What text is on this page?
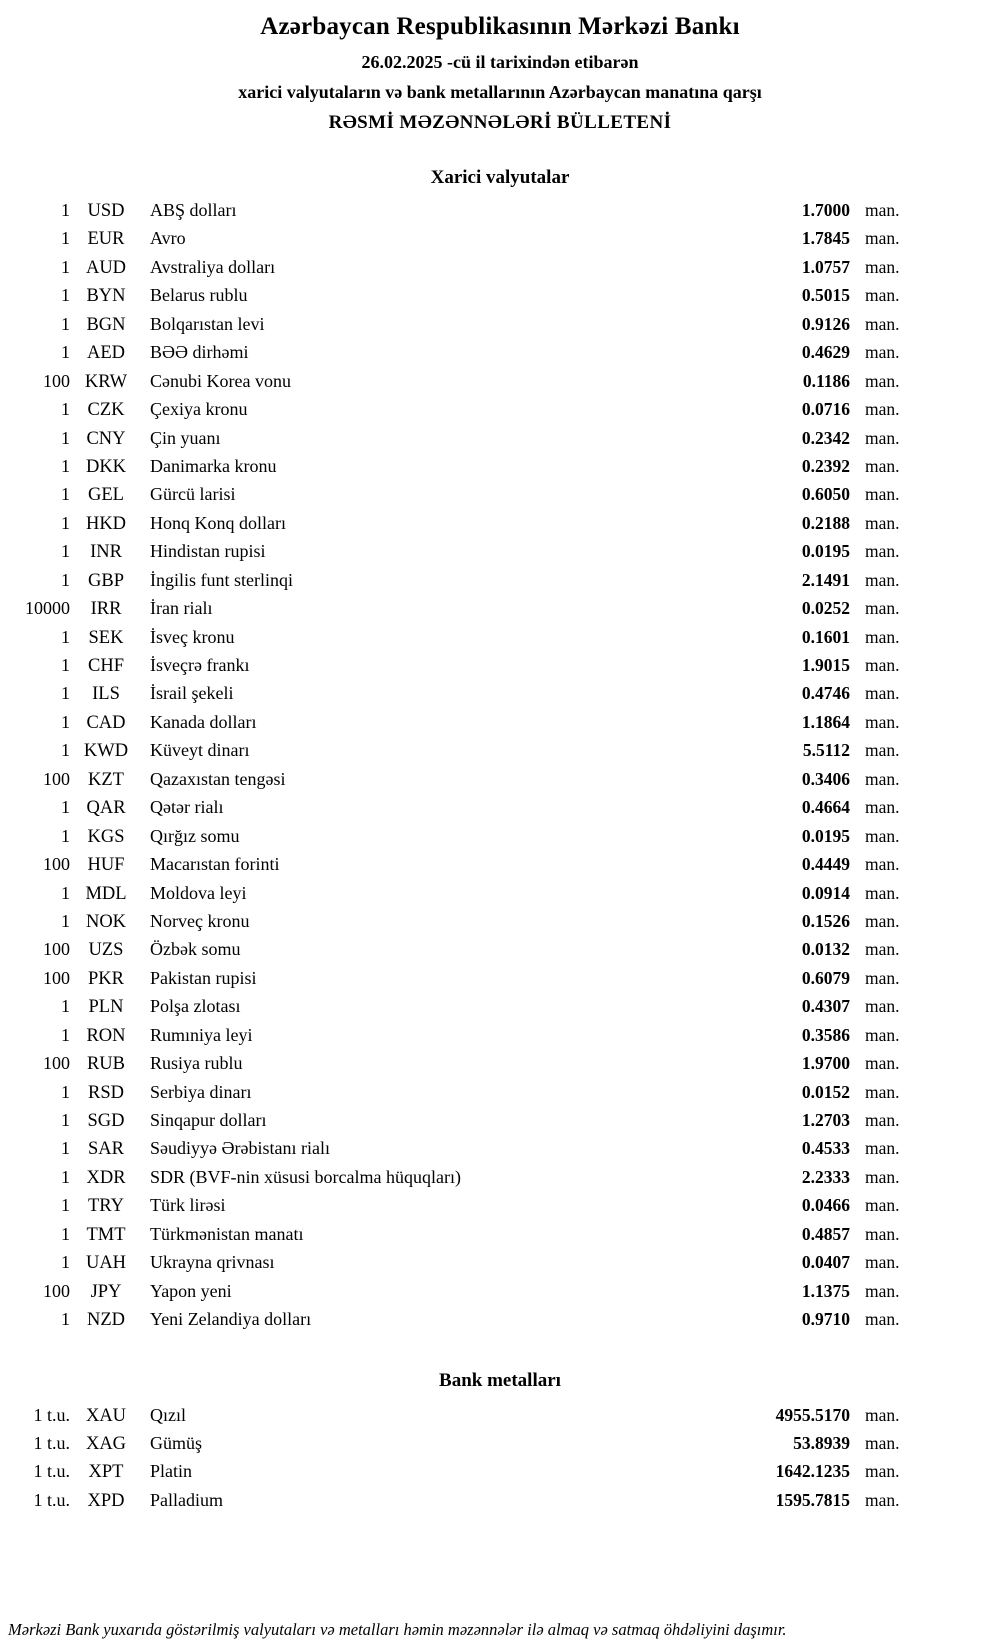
Azərbaycan Respublikasının Mərkəzi Bankı
26.02.2025 -cü il tarixindən etibarən
xarici valyutaların və bank metallarının Azərbaycan manatına qarşı
RƏSMİ MƏZƏNNƏLƏRİ BÜLLETENİ
Xarici valyutalar
1 USD	ABŞ dolları	1.7000 man.
1 EUR	Avro	1.7845 man.
1 AUD	Avstraliya dolları	1.0757 man.
1 BYN	Belarus rublu	0.5015 man.
1 BGN	Bolqarıstan levi	0.9126 man.
1 AED	BƏƏ dirhəmi	0.4629 man.
100 KRW	Cənubi Korea vonu	0.1186 man.
1 CZK	Çexiya kronu	0.0716 man.
1 CNY	Çin yuanı	0.2342 man.
1 DKK	Danimarka kronu	0.2392 man.
1 GEL	Gürcü larisi	0.6050 man.
1 HKD	Honq Konq dolları	0.2188 man.
1	INR	Hindistan rupisi	0.0195 man.
1 GBP	İngilis funt sterlinqi	2.1491 man.
10000	IRR	İran rialı	0.0252 man.
1	SEK	İsveç kronu	0.1601 man.
1 CHF	İsveçrə frankı	1.9015 man.
1	ILS	İsrail şekeli	0.4746 man.
1 CAD	Kanada dolları	1.1864 man.
1 KWD	Küveyt dinarı	5.5112 man.
100 KZT	Qazaxıstan tengəsi	0.3406 man.
1 QAR	Qətər rialı	0.4664 man.
1 KGS	Qırğız somu	0.0195 man.
100 HUF	Macarıstan forinti	0.4449 man.
1 MDL	Moldova leyi	0.0914 man.
1 NOK	Norveç kronu	0.1526 man.
100	UZS	Özbək somu	0.0132 man.
100 PKR	Pakistan rupisi	0.6079 man.
1	PLN	Polşa zlotası	0.4307 man.
1 RON	Rumıniya leyi	0.3586 man.
100 RUB	Rusiya rublu	1.9700 man.
1 RSD	Serbiya dinarı	0.0152 man.
1 SGD	Sinqapur dolları	1.2703 man.
1 SAR	Səudiyyə Ərəbistanı rialı	0.4533 man.
1 XDR	SDR (BVF-nin xüsusi borcalma hüquqları)	2.2333 man.
1 TRY	Türk lirəsi	0.0466 man.
1 TMT	Türkmənistan manatı	0.4857 man.
1 UAH	Ukrayna qrivnası	0.0407 man.
100	JPY	Yapon yeni	1.1375 man.
1 NZD	Yeni Zelandiya dolları	0.9710 man.
Bank metalları
1 t.u. XAU	Qızıl	4955.5170 man.
1 t.u. XAG	Gümüş	53.8939 man.
1 t.u.	XPT	Platin	1642.1235 man.
1 t.u. XPD	Palladium	1595.7815 man.
Mərkəzi Bank yuxarıda göstərilmiş valyutaları və metalları həmin məzənnələr ilə almaq və satmaq öhdəliyini daşımır.
